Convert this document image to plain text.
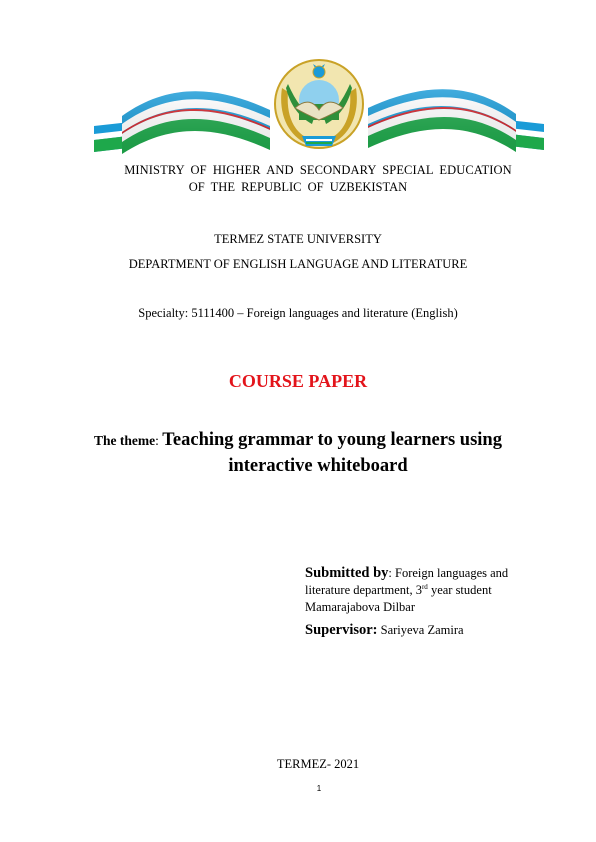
MINISTRY OF HIGHER AND SECONDARY SPECIAL EDUCATION
OF THE REPUBLIC OF UZBEKISTAN
TERMEZ STATE UNIVERSITY
DEPARTMENT OF ENGLISH LANGUAGE AND LITERATURE
Specialty: 5111400 – Foreign languages and literature (English)
COURSE PAPER
The theme: Teaching grammar to young learners using
interactive whiteboard
Submitted by: Foreign languages and literature department, 3rd year student
Mamarajabova Dilbar
Supervisor: Sariyeva Zamira
TERMEZ- 2021
1
